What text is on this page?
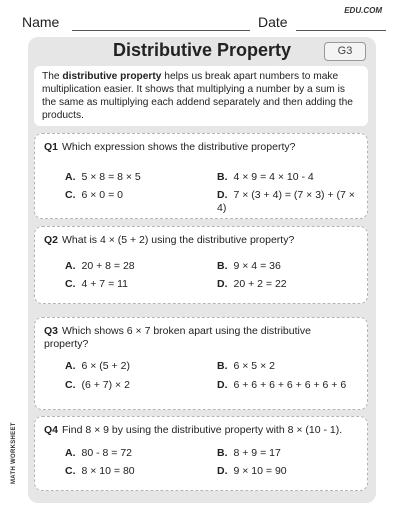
Name	Date
EDU.COM
Distributive Property	G3
The distributive property helps us break apart numbers to make multiplication easier. It shows that multiplying a number by a sum is the same as multiplying each addend separately and then adding the products.
Q1 Which expression shows the distributive property?
A. 5 × 8 = 8 × 5	B. 4 × 9 = 4 × 10 - 4
C. 6 × 0 = 0	D. 7 × (3 + 4) = (7 × 3) + (7 × 4)
Q2 What is 4 × (5 + 2) using the distributive property?
A. 20 + 8 = 28	B. 9 × 4 = 36
C. 4 + 7 = 11	D. 20 + 2 = 22
Q3 Which shows 6 × 7 broken apart using the distributive property?
A. 6 × (5 + 2)	B. 6 × 5 × 2
C. (6 + 7) × 2	D. 6 + 6 + 6 + 6 + 6 + 6 + 6
Q4 Find 8 × 9 by using the distributive property with 8 × (10 - 1).
A. 80 - 8 = 72	B. 8 + 9 = 17
C. 8 × 10 = 80	D. 9 × 10 = 90
MATH WORKSHEET
